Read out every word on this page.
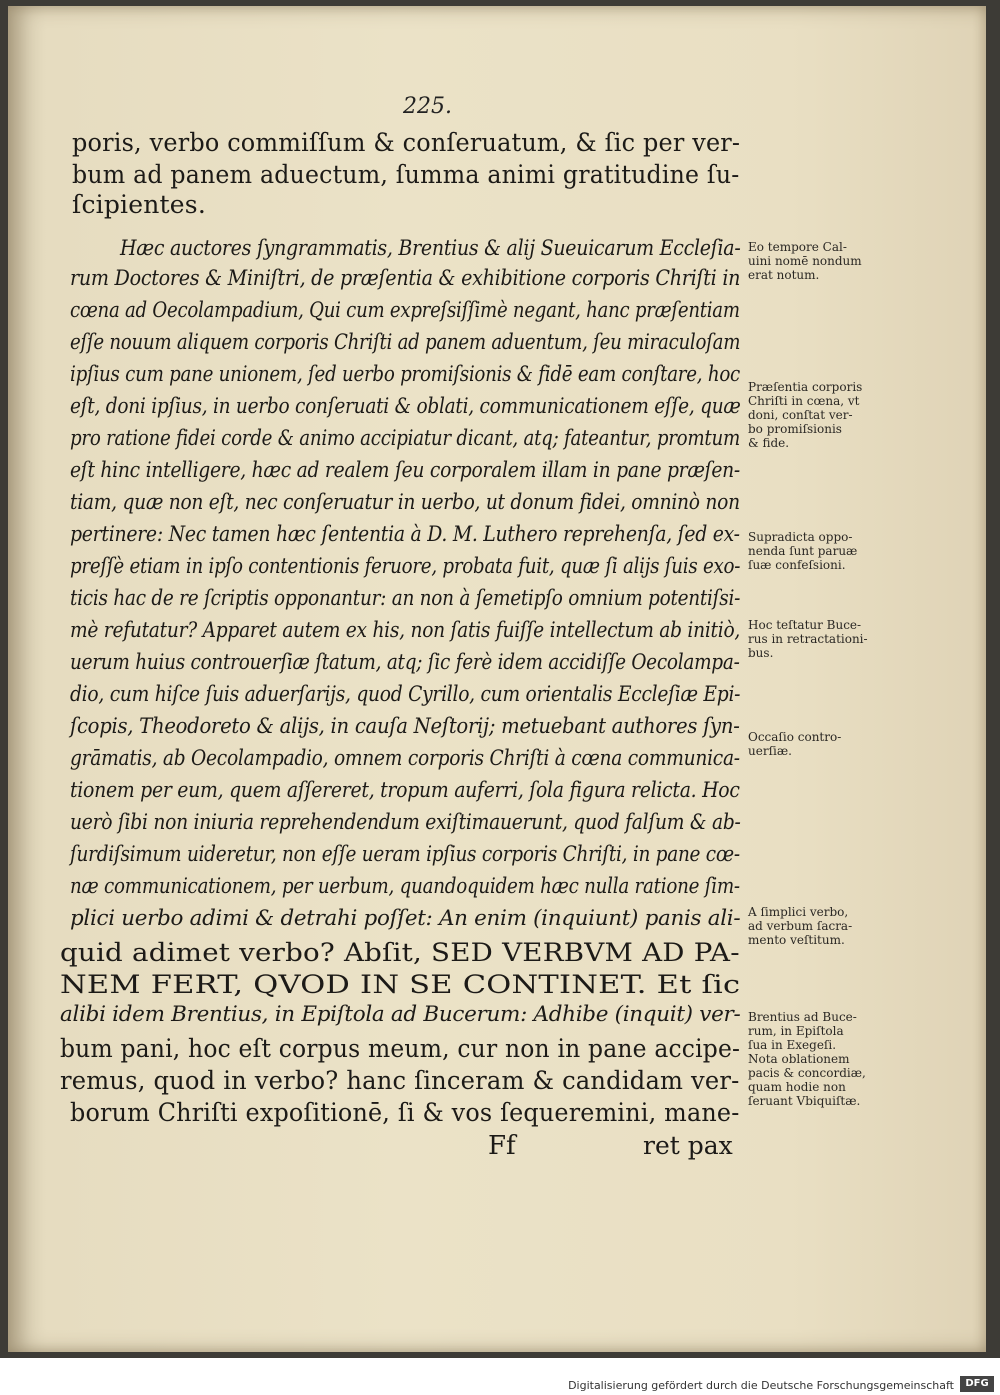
225.
poris, verbo commiſſum & conſeruatum, & ſic per ver-
bum ad panem aduectum, ſumma animi gratitudine ſu-
ſcipientes.
Hæc auctores ſyngrammatis, Brentius & alij Sueuicarum Eccleſia-
rum Doctores & Miniſtri, de præſentia & exhibitione corporis Chriſti in
cœna ad Oecolampadium, Qui cum expreſsiſſimè negant, hanc præſentiam
eſſe nouum aliquem corporis Chriſti ad panem aduentum, ſeu miraculoſam
ipſius cum pane unionem, ſed uerbo promiſsionis & fidē eam conſtare, hoc
eſt, doni ipſius, in uerbo conſeruati & oblati, communicationem eſſe, quæ
pro ratione fidei corde & animo accipiatur dicant, atq; fateantur, promtum
eſt hinc intelligere, hæc ad realem ſeu corporalem illam in pane præſen-
tiam, quæ non eſt, nec conſeruatur in uerbo, ut donum fidei, omninò non
pertinere: Nec tamen hæc ſententia à D. M. Luthero reprehenſa, ſed ex-
preſſè etiam in ipſo contentionis feruore, probata fuit, quæ ſi alijs ſuis exo-
ticis hac de re ſcriptis opponantur: an non à ſemetipſo omnium potentiſsi-
mè refutatur? Apparet autem ex his, non ſatis fuiſſe intellectum ab initiò,
uerum huius controuerſiæ ſtatum, atq; ſic ferè idem accidiſſe Oecolampa-
dio, cum hiſce ſuis aduerſarijs, quod Cyrillo, cum orientalis Eccleſiæ Epi-
ſcopis, Theodoreto & alijs, in cauſa Neſtorij; metuebant authores ſyn-
grāmatis, ab Oecolampadio, omnem corporis Chriſti à cœna communica-
tionem per eum, quem aſſereret, tropum auferri, ſola figura relicta. Hoc
uerò ſibi non iniuria reprehendendum exiſtimauerunt, quod falſum & ab-
ſurdiſsimum uideretur, non eſſe ueram ipſius corporis Chriſti, in pane cœ-
næ communicationem, per uerbum, quandoquidem hæc nulla ratione ſim-
plici uerbo adimi & detrahi poſſet: An enim (inquiunt) panis ali-
quid adimet verbo? Abſit, SED VERBVM AD PA-
NEM FERT, QVOD IN SE CONTINET. Et ſic
alibi idem Brentius, in Epiſtola ad Bucerum: Adhibe (inquit) ver-
bum pani, hoc eſt corpus meum, cur non in pane accipe-
remus, quod in verbo? hanc ſinceram & candidam ver-
borum Chriſti expoſitionē, ſi & vos ſequeremini, mane-
Eo tempore Cal-
uini nomē nondum
erat notum.
Præſentia corporis
Chriſti in cœna, vt
doni, conſtat ver-
bo promiſsionis
& fide.
Supradicta oppo-
nenda ſunt paruæ
ſuæ confeſsioni.
Hoc teſtatur Buce-
rus in retractationi-
bus.
Occaſio contro-
uerſiæ.
A ſimplici verbo,
ad verbum ſacra-
mento veſtitum.
Brentius ad Buce-
rum, in Epiſtola
ſua in Exegeſi.
Nota oblationem
pacis & concordiæ,
quam hodie non
ſeruant Vbiquiſtæ.
Ff	ret pax
Digitalisierung gefördert durch die Deutsche Forschungsgemeinschaft	DFG
